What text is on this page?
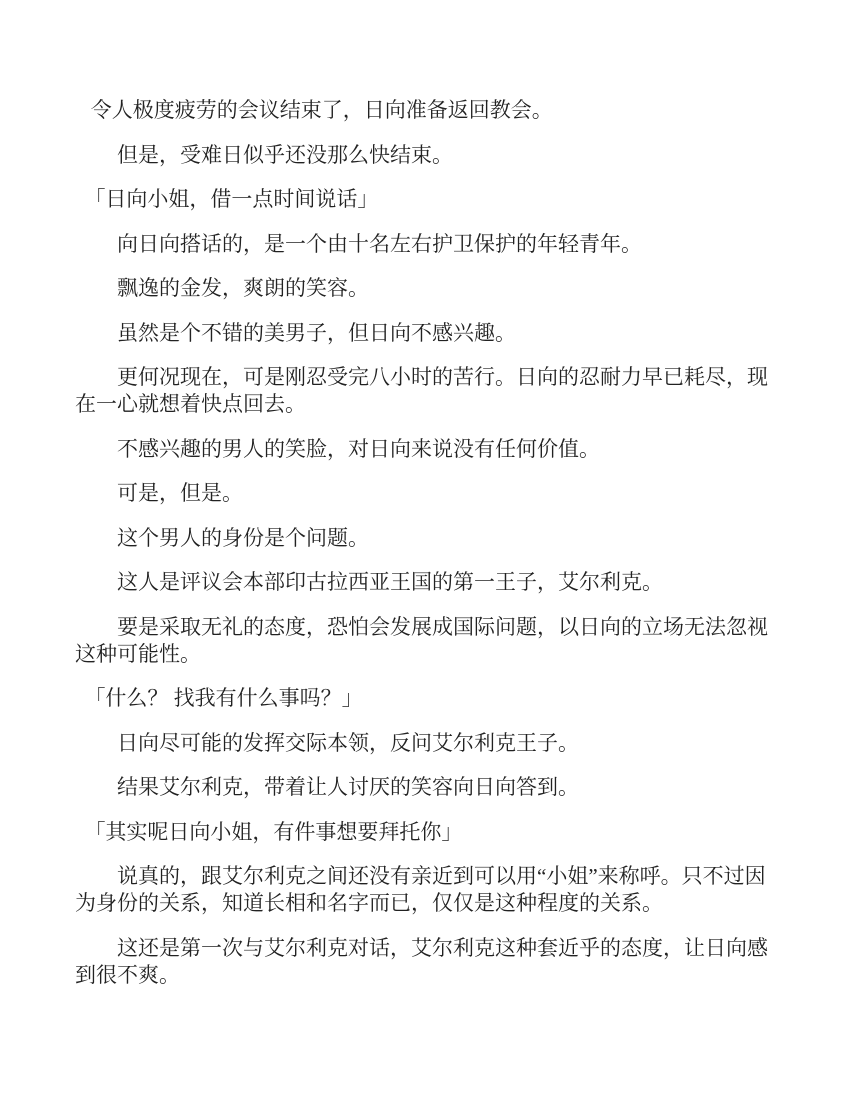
令人极度疲劳的会议结束了，日向准备返回教会。

但是，受难日似乎还没那么快结束。

「日向小姐，借一点时间说话」

向日向搭话的，是一个由十名左右护卫保护的年轻青年。

飘逸的金发，爽朗的笑容。

虽然是个不错的美男子，但日向不感兴趣。

更何况现在，可是刚忍受完八小时的苦行。日向的忍耐力早已耗尽，现在一心就想着快点回去。

不感兴趣的男人的笑脸，对日向来说没有任何价值。

可是，但是。

这个男人的身份是个问题。

这人是评议会本部印古拉西亚王国的第一王子，艾尔利克。

要是采取无礼的态度，恐怕会发展成国际问题，以日向的立场无法忽视这种可能性。

「什么？ 找我有什么事吗？」

日向尽可能的发挥交际本领，反问艾尔利克王子。

结果艾尔利克，带着让人讨厌的笑容向日向答到。

「其实呢日向小姐，有件事想要拜托你」

说真的，跟艾尔利克之间还没有亲近到可以用“小姐”来称呼。只不过因为身份的关系，知道长相和名字而已，仅仅是这种程度的关系。

这还是第一次与艾尔利克对话，艾尔利克这种套近乎的态度，让日向感到很不爽。
